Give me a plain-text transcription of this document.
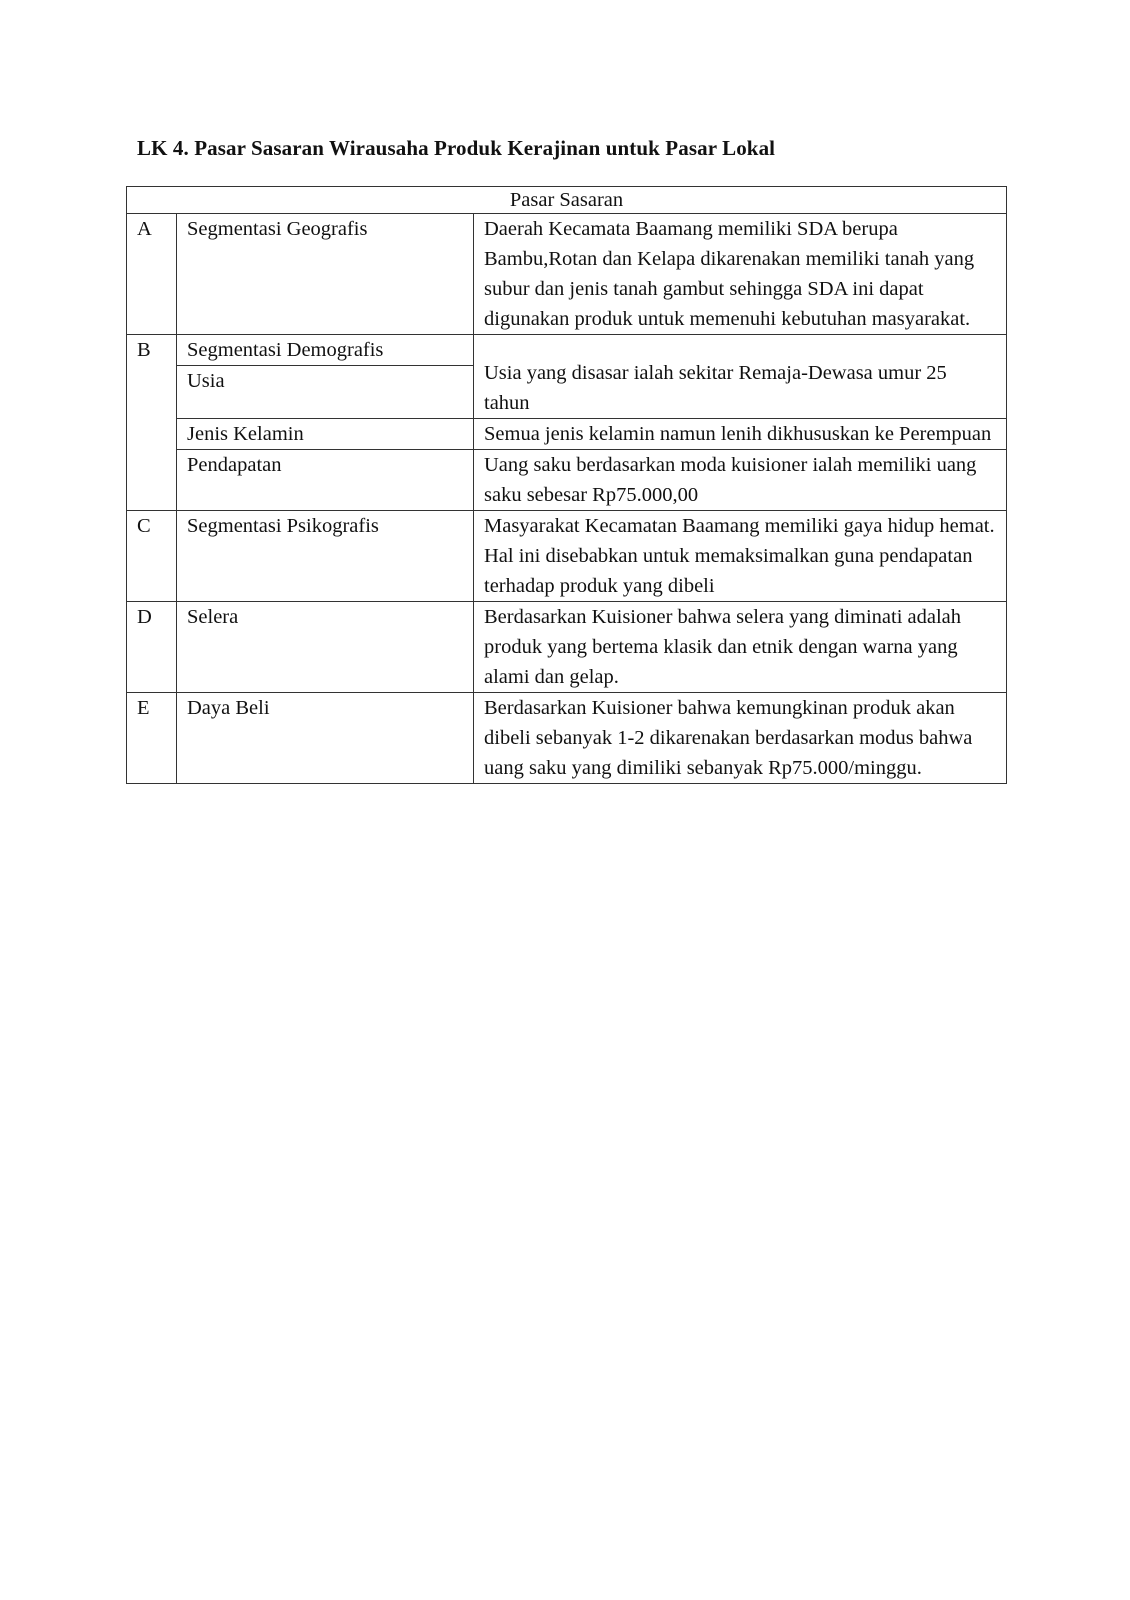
LK 4. Pasar Sasaran Wirausaha Produk Kerajinan untuk Pasar Lokal
Pasar Sasaran		
A	Segmentasi Geografis	Daerah Kecamata Baamang memiliki SDA berupa Bambu,Rotan dan Kelapa dikarenakan memiliki tanah yang subur dan jenis tanah gambut sehingga SDA ini dapat digunakan produk untuk memenuhi kebutuhan masyarakat.
B	Segmentasi Demografis	Usia yang disasar ialah sekitar Remaja-Dewasa umur 25 tahun
	Usia	
	Jenis Kelamin	Semua jenis kelamin namun lenih dikhususkan ke Perempuan
	Pendapatan	Uang saku berdasarkan moda kuisioner ialah memiliki uang saku sebesar Rp75.000,00
C	Segmentasi Psikografis	Masyarakat Kecamatan Baamang memiliki gaya hidup hemat. Hal ini disebabkan untuk memaksimalkan guna pendapatan terhadap produk yang dibeli
D	Selera	Berdasarkan Kuisioner bahwa selera yang diminati adalah produk yang bertema klasik dan etnik dengan warna yang alami dan gelap.
E	Daya Beli	Berdasarkan Kuisioner bahwa kemungkinan produk akan dibeli sebanyak 1-2 dikarenakan berdasarkan modus bahwa uang saku yang dimiliki sebanyak Rp75.000/minggu.
